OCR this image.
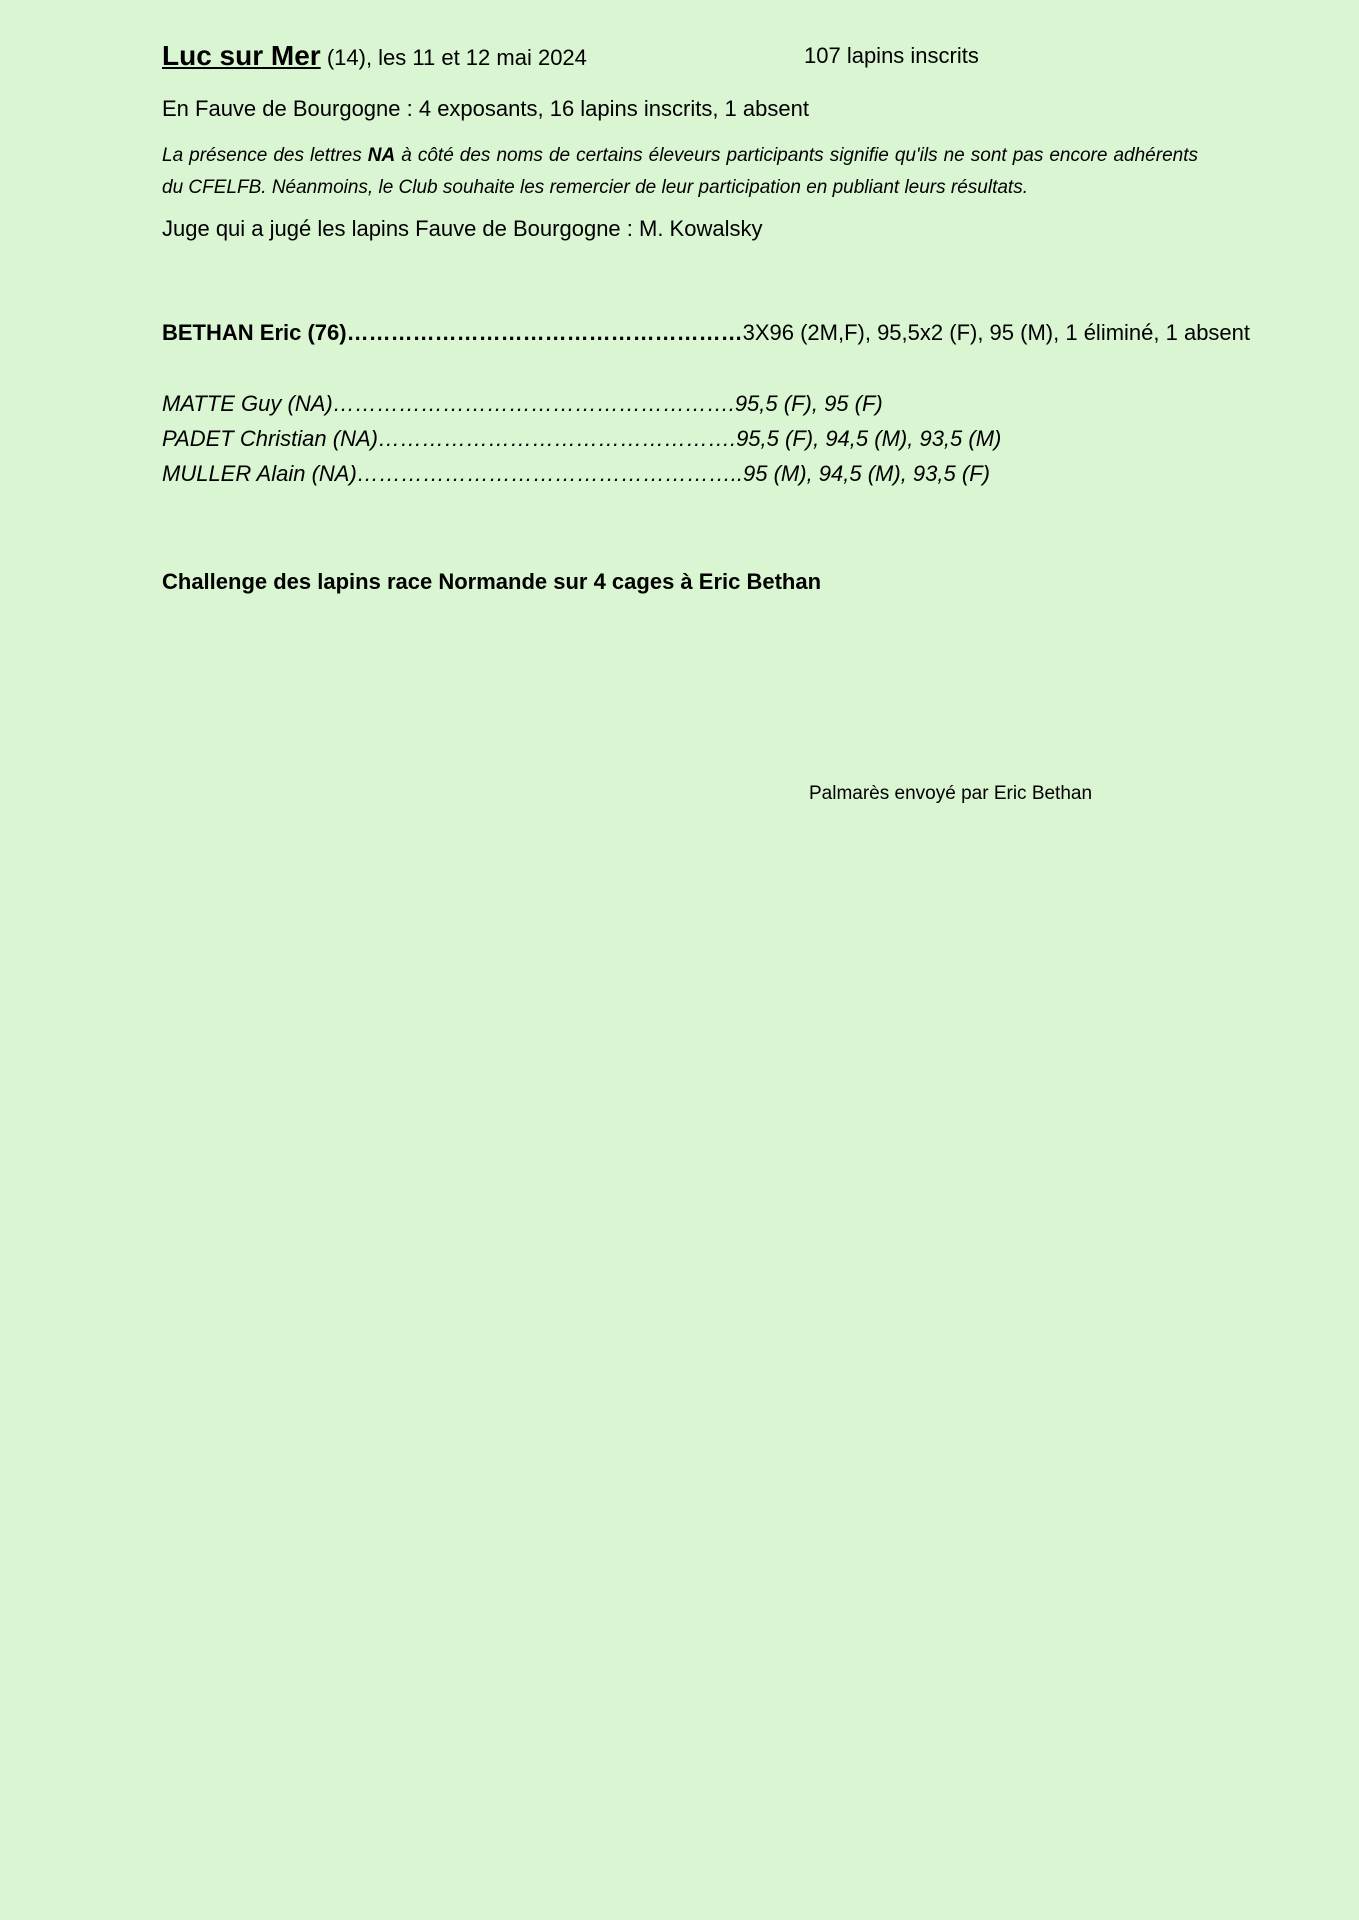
Luc sur Mer (14), les 11 et 12 mai 2024	107 lapins inscrits
En Fauve de Bourgogne : 4 exposants, 16 lapins inscrits, 1 absent
La présence des lettres NA à côté des noms de certains éleveurs participants signifie qu'ils ne sont pas encore adhérents du CFELFB. Néanmoins, le Club souhaite les remercier de leur participation en publiant leurs résultats.
Juge qui a jugé les lapins Fauve de Bourgogne : M. Kowalsky
BETHAN Eric (76)………………………………………………3X96 (2M,F), 95,5x2 (F), 95 (M), 1 éliminé, 1 absent
MATTE Guy (NA)……………………………………………….95,5 (F), 95 (F)
PADET Christian (NA)………………………………………….95,5 (F), 94,5 (M), 93,5 (M)
MULLER Alain (NA)……………………………………………..95 (M), 94,5 (M), 93,5 (F)
Challenge des lapins race Normande sur 4 cages à Eric Bethan
Palmarès envoyé par Eric Bethan
